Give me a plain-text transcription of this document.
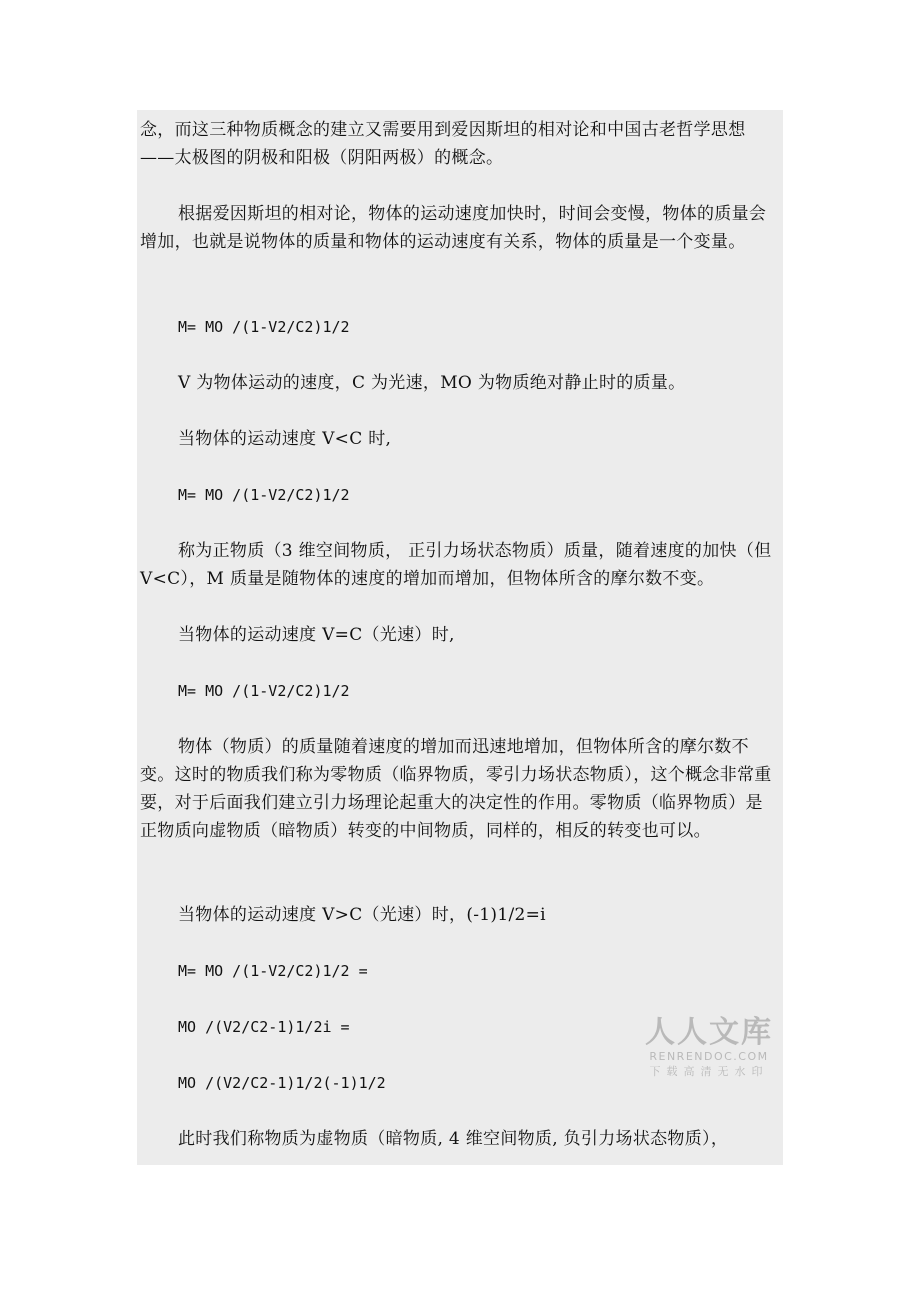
念，而这三种物质概念的建立又需要用到爱因斯坦的相对论和中国古老哲学思想——太极图的阴极和阳极（阴阳两极）的概念。

根据爱因斯坦的相对论，物体的运动速度加快时，时间会变慢，物体的质量会增加，也就是说物体的质量和物体的运动速度有关系，物体的质量是一个变量。

M= MO /(1-V2/C2)1/2

V 为物体运动的速度，C 为光速，MO 为物质绝对静止时的质量。

当物体的运动速度 V<C 时,

M= MO /(1-V2/C2)1/2

称为正物质（3 维空间物质， 正引力场状态物质）质量，随着速度的加快（但 V<C），M 质量是随物体的速度的增加而增加，但物体所含的摩尔数不变。

当物体的运动速度 V=C（光速）时,

M= MO /(1-V2/C2)1/2

物体（物质）的质量随着速度的增加而迅速地增加，但物体所含的摩尔数不变。这时的物质我们称为零物质（临界物质，零引力场状态物质），这个概念非常重要，对于后面我们建立引力场理论起重大的决定性的作用。零物质（临界物质）是正物质向虚物质（暗物质）转变的中间物质，同样的，相反的转变也可以。

当物体的运动速度 V>C（光速）时，(-1)1/2=i

M= MO /(1-V2/C2)1/2 =

MO /(V2/C2-1)1/2i =

MO /(V2/C2-1)1/2(-1)1/2

此时我们称物质为虚物质（暗物质, 4 维空间物质, 负引力场状态物质），

人人文库
RENRENDOC.COM
下载高清无水印
